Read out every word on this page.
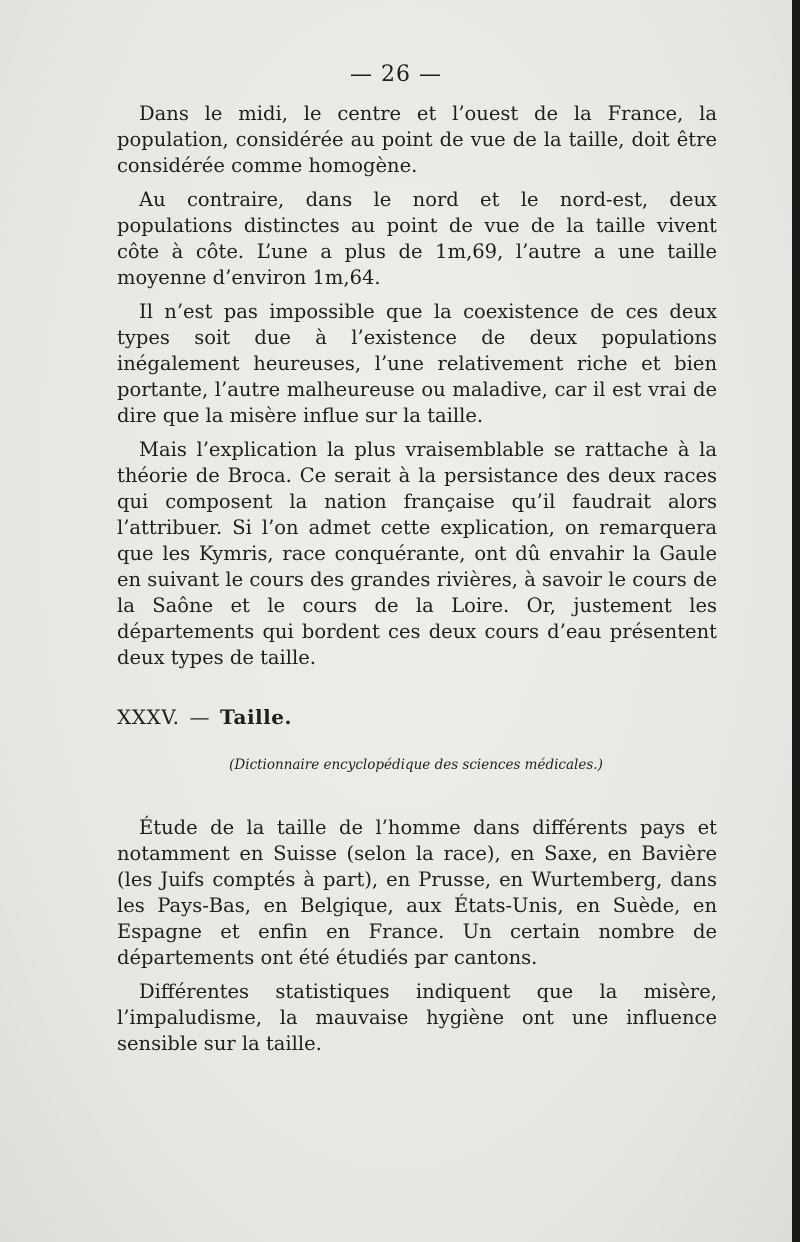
— 26 —

Dans le midi, le centre et l’ouest de la France, la population, considérée au point de vue de la taille, doit être considérée comme homogène.

Au contraire, dans le nord et le nord-est, deux populations distinctes au point de vue de la taille vivent côte à côte. L’une a plus de 1m,69, l’autre a une taille moyenne d’environ 1m,64.

Il n’est pas impossible que la coexistence de ces deux types soit due à l’existence de deux populations inégalement heureuses, l’une relativement riche et bien portante, l’autre malheureuse ou maladive, car il est vrai de dire que la misère influe sur la taille.

Mais l’explication la plus vraisemblable se rattache à la théorie de Broca. Ce serait à la persistance des deux races qui composent la nation française qu’il faudrait alors l’attribuer. Si l’on admet cette explication, on remarquera que les Kymris, race conquérante, ont dû envahir la Gaule en suivant le cours des grandes rivières, à savoir le cours de la Saône et le cours de la Loire. Or, justement les départements qui bordent ces deux cours d’eau présentent deux types de taille.

XXXV. — Taille.
(Dictionnaire encyclopédique des sciences médicales.)

Étude de la taille de l’homme dans différents pays et notamment en Suisse (selon la race), en Saxe, en Bavière (les Juifs comptés à part), en Prusse, en Wurtemberg, dans les Pays-Bas, en Belgique, aux États-Unis, en Suède, en Espagne et enfin en France. Un certain nombre de départements ont été étudiés par cantons.

Différentes statistiques indiquent que la misère, l’impaludisme, la mauvaise hygiène ont une influence sensible sur la taille.
